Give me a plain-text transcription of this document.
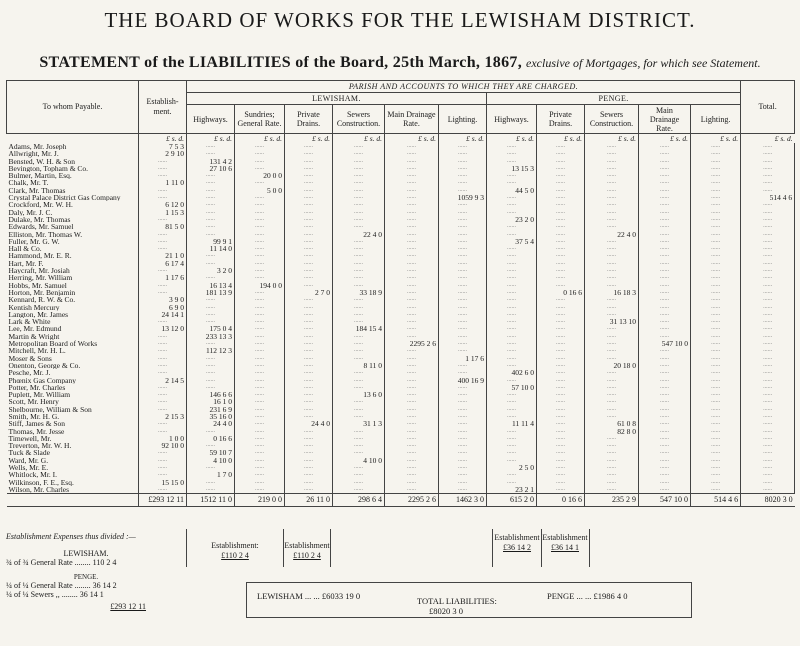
THE BOARD OF WORKS FOR THE LEWISHAM DISTRICT.
STATEMENT of the LIABILITIES of the Board, 25th March, 1867, exclusive of Mortgages, for which see Statement.
To whom Payable.	Establish-ment.	PARISH AND ACCOUNTS TO WHICH THEY ARE CHARGED.											Total.	
		LEWISHAM.						PENGE.						
		Highways.	Sundries; General Rate.	Private Drains.	Sewers Construction.	Main Drainage Rate.	Lighting.	Highways.	Private Drains.	Sewers Construction.	Main Drainage Rate.	Lighting.		
	£ s. d.	£ s. d.	£ s. d.	£ s. d.	£ s. d.	£ s. d.	£ s. d.	£ s. d.	£ s. d.	£ s. d.	£ s. d.	£ s. d.	£ s. d.	
Adams, Mr. Joseph	7 5 3	......	......	......	......	......	......	......	......	......	......	......	......	
Allwright, Mr. J.	2 9 10	......	......	......	......	......	......	......	......	......	......	......	......	
Bensted, W. H. & Son	......	131 4 2	......	......	......	......	......	......	......	......	......	......	......	
Bevington, Topham & Co.	......	27 10 6	......	......	......	......	......	13 15 3	......	......	......	......	......	
Bulmer, Martin, Esq.	......	......	20 0 0	......	......	......	......	......	......	......	......	......	......	
Chalk, Mr. T.	1 11 0	......	......	......	......	......	......	......	......	......	......	......	......	
Clark, Mr. Thomas	......	......	5 0 0	......	......	......	......	44 5 0	......	......	......	......	......	
Crystal Palace District Gas Company	......	......	......	......	......	......	1059 9 3	......	......	......	......	......	514 4 6	
Crockford, Mr. W. H.	6 12 0	......	......	......	......	......	......	......	......	......	......	......	......	
Daly, Mr. J. C.	1 15 3	......	......	......	......	......	......	......	......	......	......	......	......	
Dulake, Mr. Thomas	......	......	......	......	......	......	......	23 2 0	......	......	......	......	......	
Edwards, Mr. Samuel	81 5 0	......	......	......	......	......	......	......	......	......	......	......	......	
Elliston, Mr. Thomas W.	......	......	......	......	22 4 0	......	......	......	......	22 4 0	......	......	......	
Fuller, Mr. G. W.	......	99 9 1	......	......	......	......	......	37 5 4	......	......	......	......	......	
Hall & Co.	......	11 14 0	......	......	......	......	......	......	......	......	......	......	......	
Hammond, Mr. E. R.	21 1 0	......	......	......	......	......	......	......	......	......	......	......	......	
Hart, Mr. F.	6 17 4	......	......	......	......	......	......	......	......	......	......	......	......	
Haycraft, Mr. Josiah	......	3 2 0	......	......	......	......	......	......	......	......	......	......	......	
Herring, Mr. William	1 17 6	......	......	......	......	......	......	......	......	......	......	......	......	
Hobbs, Mr. Samuel	......	16 13 4	194 0 0	......	......	......	......	......	......	......	......	......	......	
Horton, Mr. Benjamin	......	181 13 9	......	2 7 0	33 18 9	......	......	......	0 16 6	16 18 3	......	......	......	
Kennard, R. W. & Co.	3 9 0	......	......	......	......	......	......	......	......	......	......	......	......	
Kentish Mercury	6 9 0	......	......	......	......	......	......	......	......	......	......	......	......	
Langton, Mr. James	24 14 1	......	......	......	......	......	......	......	......	......	......	......	......	
Lark & White	......	......	......	......	......	......	......	......	......	31 13 10	......	......	......	
Lee, Mr. Edmund	13 12 0	175 0 4	......	......	184 15 4	......	......	......	......	......	......	......	......	
Martin & Wright	......	233 13 3	......	......	......	......	......	......	......	......	......	......	......	
Metropolitan Board of Works	......	......	......	......	......	2295 2 6	......	......	......	......	547 10 0	......	......	
Mitchell, Mr. H. L.	......	112 12 3	......	......	......	......	......	......	......	......	......	......	......	
Moser & Sons	......	......	......	......	......	......	1 17 6	......	......	......	......	......	......	
Onenton, George & Co.	......	......	......	......	8 11 0	......	......	......	......	20 18 0	......	......	......	
Pesche, Mr. J.	......	......	......	......	......	......	......	402 6 0	......	......	......	......	......	
Phœnix Gas Company	2 14 5	......	......	......	......	......	400 16 9	......	......	......	......	......	......	
Potter, Mr. Charles	......	......	......	......	......	......	......	57 10 0	......	......	......	......	......	
Puplett, Mr. William	......	146 6 6	......	......	13 6 0	......	......	......	......	......	......	......	......	
Scott, Mr. Henry	......	16 1 0	......	......	......	......	......	......	......	......	......	......	......	
Shelbourne, William & Son	......	231 6 9	......	......	......	......	......	......	......	......	......	......	......	
Smith, Mr. H. G.	2 15 3	35 16 0	......	......	......	......	......	......	......	......	......	......	......	
Stiff, James & Son	......	24 4 0	......	24 4 0	31 1 3	......	......	11 11 4	......	61 0 8	......	......	......	
Thomas, Mr. Jesse	......	......	......	......	......	......	......	......	......	82 8 0	......	......	......	
Timewell, Mr.	1 0 0	0 16 6	......	......	......	......	......	......	......	......	......	......	......	
Treverton, Mr. W. H.	92 10 0	......	......	......	......	......	......	......	......	......	......	......	......	
Tuck & Slade	......	59 10 7	......	......	......	......	......	......	......	......	......	......	......	
Ward, Mr. G.	......	4 10 0	......	......	4 10 0	......	......	......	......	......	......	......	......	
Wells, Mr. E.	......	......	......	......	......	......	......	2 5 0	......	......	......	......	......	
Whitlock, Mr. I.	......	1 7 0	......	......	......	......	......	......	......	......	......	......	......	
Wilkinson, F. E., Esq.	15 15 0	......	......	......	......	......	......	......	......	......	......	......	......	
Wilson, Mr. Charles	......	......	......	......	......	......	......	23 2 1	......	......	......	......	......	
	£293 12 11	1512 11 0	219 0 0	26 11 0	298 6 4	2295 2 6	1462 3 0	615 2 0	0 16 6	235 2 9	547 10 0	514 4 6	8020 3 0	
Establishment Expenses thus divided :—
LEWISHAM.
¾ of ¾ General Rate ........ 110 2 4
PENGE.
¼ of ¼ General Rate ........ 36 14 2
¼ of ¼ Sewers ,, ........ 36 14 1
£293 12 11
Establishment:
£110 2 4
Establishment
£110 2 4
Establishment
£36 14 2
Establishment
£36 14 1
LEWISHAM ... ... £6033 19 0	PENGE ... ... £1986 4 0
TOTAL LIABILITIES:
£8020 3 0
